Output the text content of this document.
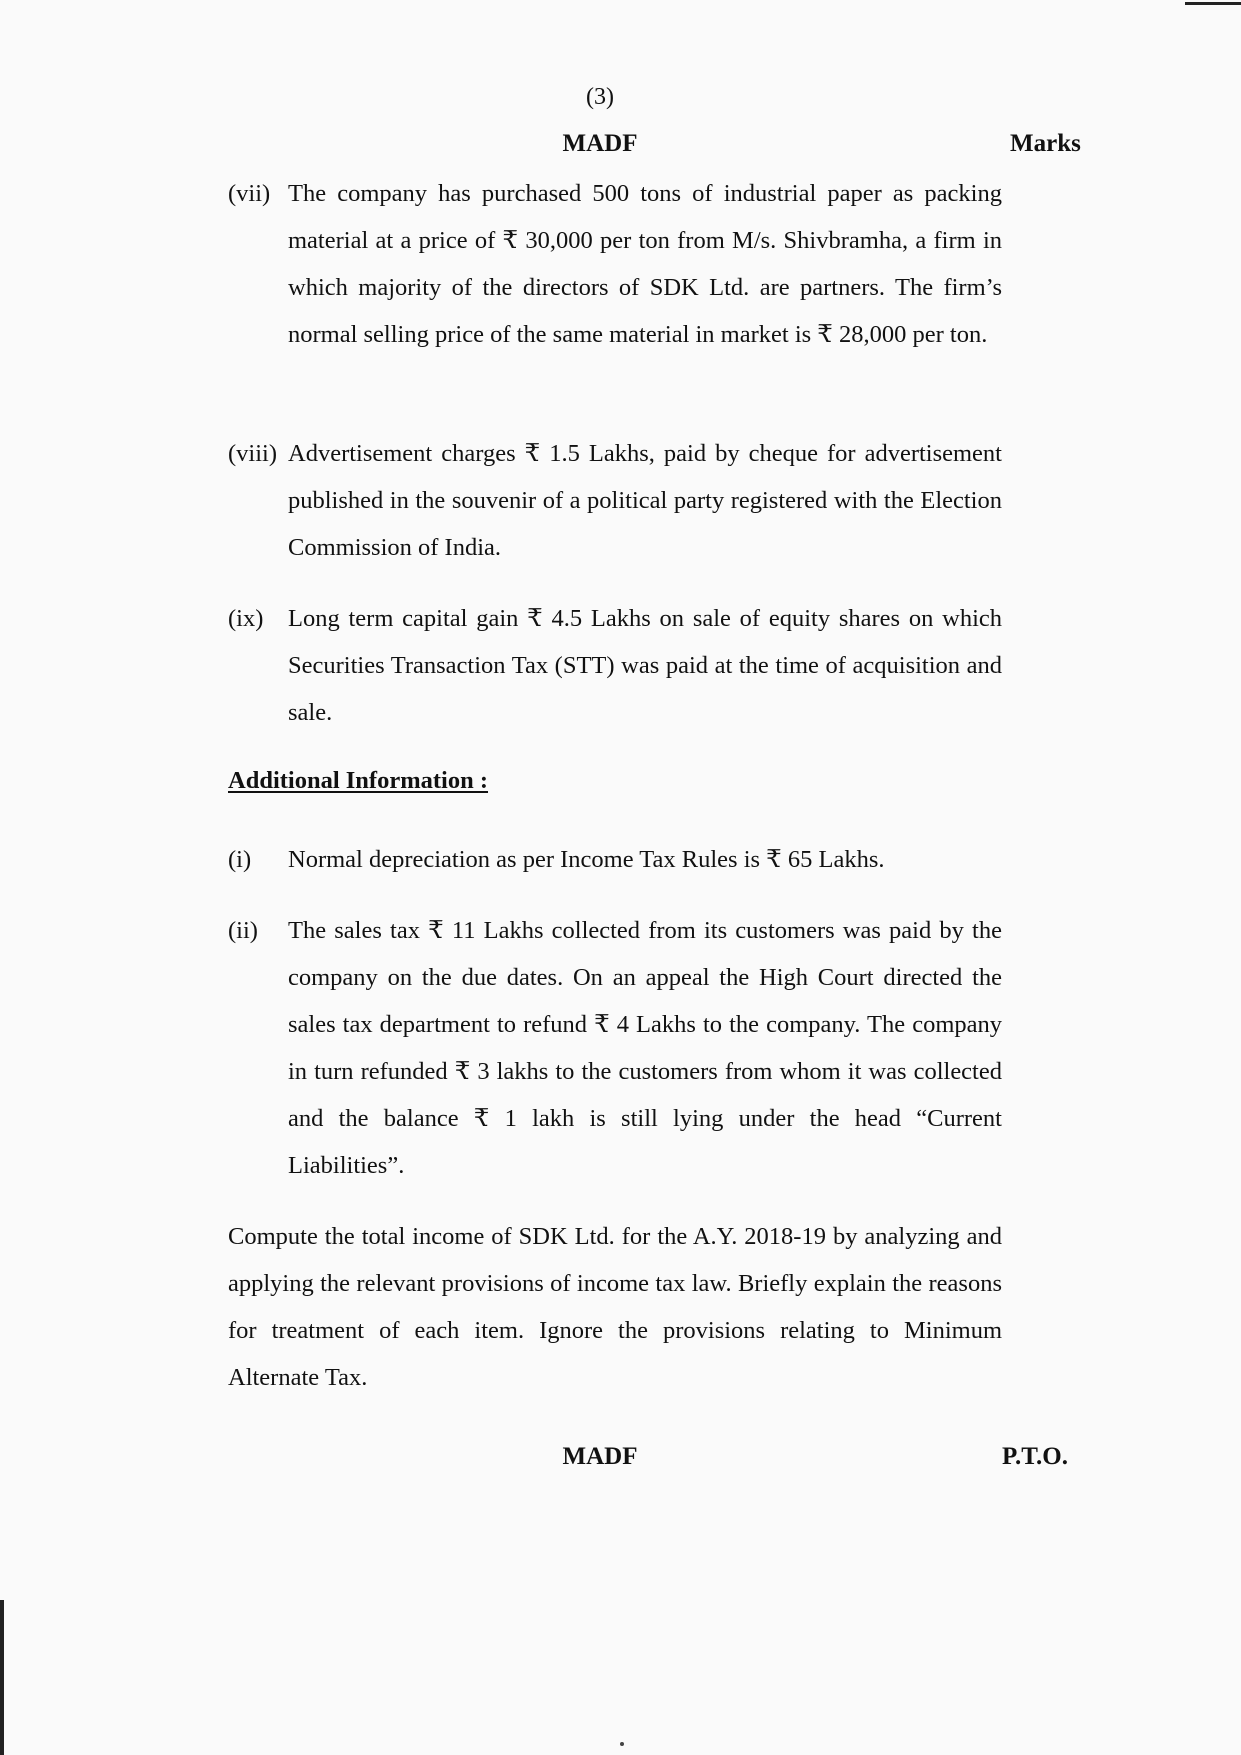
(3)
MADF	Marks
(vii) The company has purchased 500 tons of industrial paper as packing material at a price of ₹ 30,000 per ton from M/s. Shivbramha, a firm in which majority of the directors of SDK Ltd. are partners. The firm’s normal selling price of the same material in market is ₹ 28,000 per ton.
(viii) Advertisement charges ₹ 1.5 Lakhs, paid by cheque for advertisement published in the souvenir of a political party registered with the Election Commission of India.
(ix) Long term capital gain ₹ 4.5 Lakhs on sale of equity shares on which Securities Transaction Tax (STT) was paid at the time of acquisition and sale.
Additional Information :
(i) Normal depreciation as per Income Tax Rules is ₹ 65 Lakhs.
(ii) The sales tax ₹ 11 Lakhs collected from its customers was paid by the company on the due dates. On an appeal the High Court directed the sales tax department to refund ₹ 4 Lakhs to the company. The company in turn refunded ₹ 3 lakhs to the customers from whom it was collected and the balance ₹ 1 lakh is still lying under the head “Current Liabilities”.
Compute the total income of SDK Ltd. for the A.Y. 2018-19 by analyzing and applying the relevant provisions of income tax law. Briefly explain the reasons for treatment of each item. Ignore the provisions relating to Minimum Alternate Tax.
MADF	P.T.O.
